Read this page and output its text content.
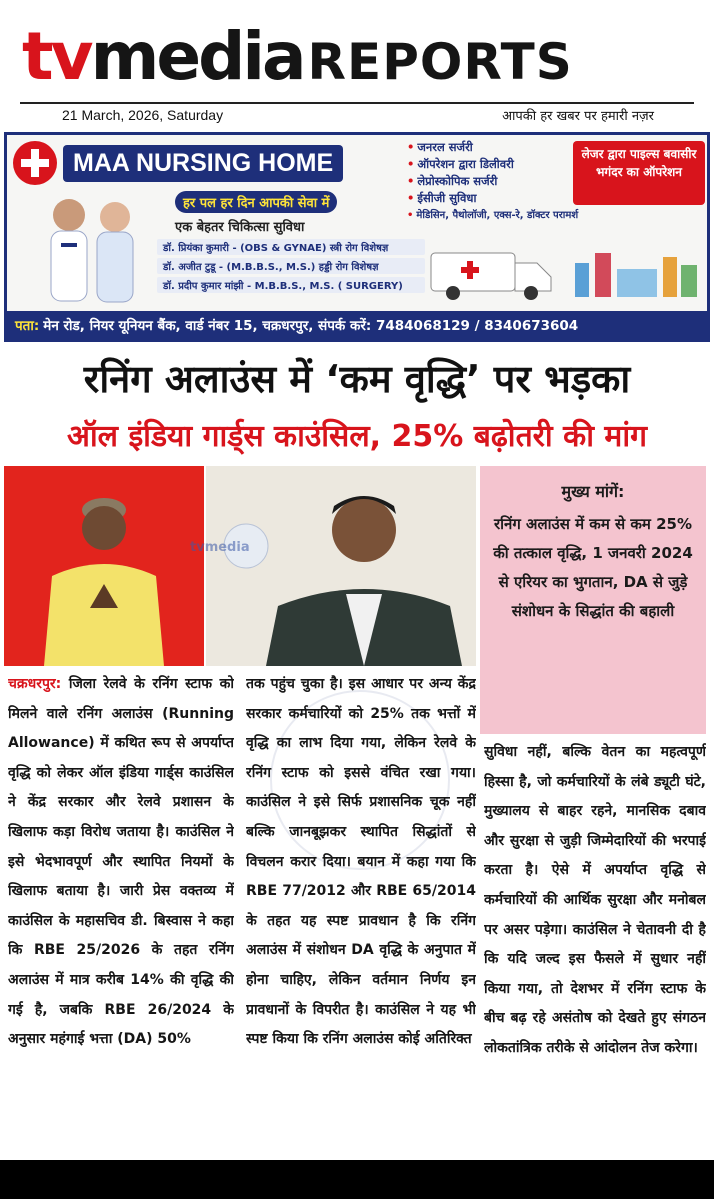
tv media REPORTS
21 March, 2026, Saturday	आपकी हर खबर पर हमारी नज़र
MAA NURSING HOME
हर पल हर दिन आपकी सेवा में
एक बेहतर चिकित्सा सुविधा
डॉ. प्रियंका कुमारी - (OBS & GYNAE) स्त्री रोग विशेषज्ञ
डॉ. अजीत टुडू - (M.B.B.S., M.S.) हड्डी रोग विशेषज्ञ
डॉ. प्रदीप कुमार मांझी - M.B.B.S., M.S. ( SURGERY)
• जनरल सर्जरी
• ऑपरेशन द्वारा डिलीवरी
• लेप्रोस्कोपिक सर्जरी
• ईसीजी सुविधा
• मेडिसिन, पैथोलॉजी, एक्स-रे, डॉक्टर परामर्श
लेजर द्वारा पाइल्स बवासीर भगंदर का ऑपरेशन
पता: मेन रोड, नियर यूनियन बैंक, वार्ड नंबर 15, चक्रधरपुर, संपर्क करें: 7484068129 / 8340673604
रनिंग अलाउंस में ‘कम वृद्धि’ पर भड़का
ऑल इंडिया गार्ड्स काउंसिल, 25% बढ़ोतरी की मांग
tvmedia
मुख्य मांगें:

रनिंग अलाउंस में कम से कम 25% की तत्काल वृद्धि, 1 जनवरी 2024 से एरियर का भुगतान, DA से जुड़े संशोधन के सिद्धांत की बहाली

चक्रधरपुर: जिला रेलवे के रनिंग स्टाफ को मिलने वाले रनिंग अलाउंस (Running Allowance) में कथित रूप से अपर्याप्त वृद्धि को लेकर ऑल इंडिया गार्ड्स काउंसिल ने केंद्र सरकार और रेलवे प्रशासन के खिलाफ कड़ा विरोध जताया है। काउंसिल ने इसे भेदभावपूर्ण और स्थापित नियमों के खिलाफ बताया है। जारी प्रेस वक्तव्य में काउंसिल के महासचिव डी. बिस्वास ने कहा कि RBE 25/2026 के तहत रनिंग अलाउंस में मात्र करीब 14% की वृद्धि की गई है, जबकि RBE 26/2024 के अनुसार महंगाई भत्ता (DA) 50%
तक पहुंच चुका है। इस आधार पर अन्य केंद्र सरकार कर्मचारियों को 25% तक भत्तों में वृद्धि का लाभ दिया गया, लेकिन रेलवे के रनिंग स्टाफ को इससे वंचित रखा गया। काउंसिल ने इसे सिर्फ प्रशासनिक चूक नहीं बल्कि जानबूझकर स्थापित सिद्धांतों से विचलन करार दिया। बयान में कहा गया कि RBE 77/2012 और RBE 65/2014 के तहत यह स्पष्ट प्रावधान है कि रनिंग अलाउंस में संशोधन DA वृद्धि के अनुपात में होना चाहिए, लेकिन वर्तमान निर्णय इन प्रावधानों के विपरीत है। काउंसिल ने यह भी स्पष्ट किया कि रनिंग अलाउंस कोई अतिरिक्त
सुविधा नहीं, बल्कि वेतन का महत्वपूर्ण हिस्सा है, जो कर्मचारियों के लंबे ड्यूटी घंटे, मुख्यालय से बाहर रहने, मानसिक दबाव और सुरक्षा से जुड़ी जिम्मेदारियों की भरपाई करता है। ऐसे में अपर्याप्त वृद्धि से कर्मचारियों की आर्थिक सुरक्षा और मनोबल पर असर पड़ेगा। काउंसिल ने चेतावनी दी है कि यदि जल्द इस फैसले में सुधार नहीं किया गया, तो देशभर में रनिंग स्टाफ के बीच बढ़ रहे असंतोष को देखते हुए संगठन लोकतांत्रिक तरीके से आंदोलन तेज करेगा।
